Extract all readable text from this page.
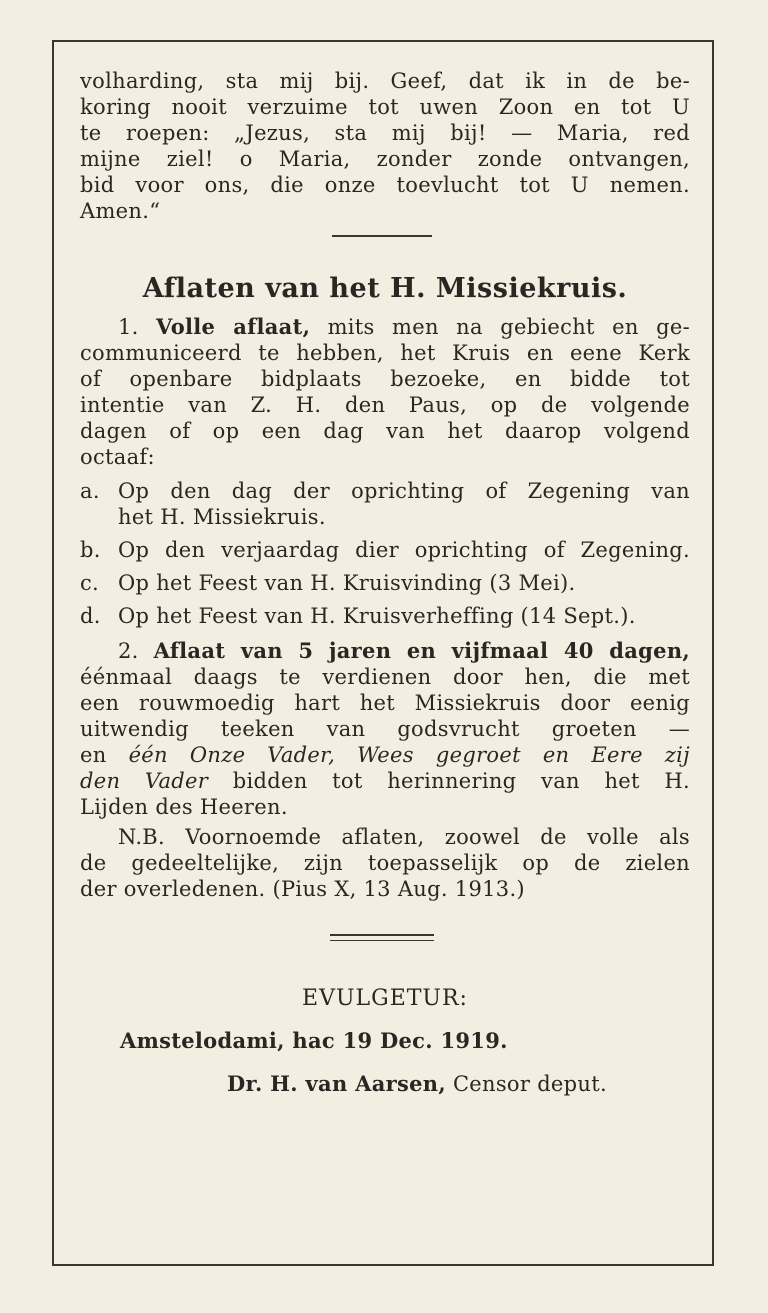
volharding, sta mij bij. Geef, dat ik in de be-
koring nooit verzuime tot uwen Zoon en tot U
te roepen: „Jezus, sta mij bij! — Maria, red
mijne ziel! o Maria, zonder zonde ontvangen,
bid voor ons, die onze toevlucht tot U nemen.
Amen.“
Aflaten van het H. Missiekruis.
1. Volle aflaat, mits men na gebiecht en ge-
communiceerd te hebben, het Kruis en eene Kerk
of openbare bidplaats bezoeke, en bidde tot
intentie van Z. H. den Paus, op de volgende
dagen of op een dag van het daarop volgend
octaaf:
a. Op den dag der oprichting of Zegening van
het H. Missiekruis.
b. Op den verjaardag dier oprichting of Zegening.
c. Op het Feest van H. Kruisvinding (3 Mei).
d. Op het Feest van H. Kruisverheffing (14 Sept.).
2. Aflaat van 5 jaren en vijfmaal 40 dagen,
éénmaal daags te verdienen door hen, die met
een rouwmoedig hart het Missiekruis door eenig
uitwendig teeken van godsvrucht groeten —
en één Onze Vader, Wees gegroet en Eere zij
den Vader bidden tot herinnering van het H.
Lijden des Heeren.
N.B. Voornoemde aflaten, zoowel de volle als
de gedeeltelijke, zijn toepasselijk op de zielen
der overledenen. (Pius X, 13 Aug. 1913.)
EVULGETUR:
Amstelodami, hac 19 Dec. 1919.
Dr. H. van Aarsen, Censor deput.
